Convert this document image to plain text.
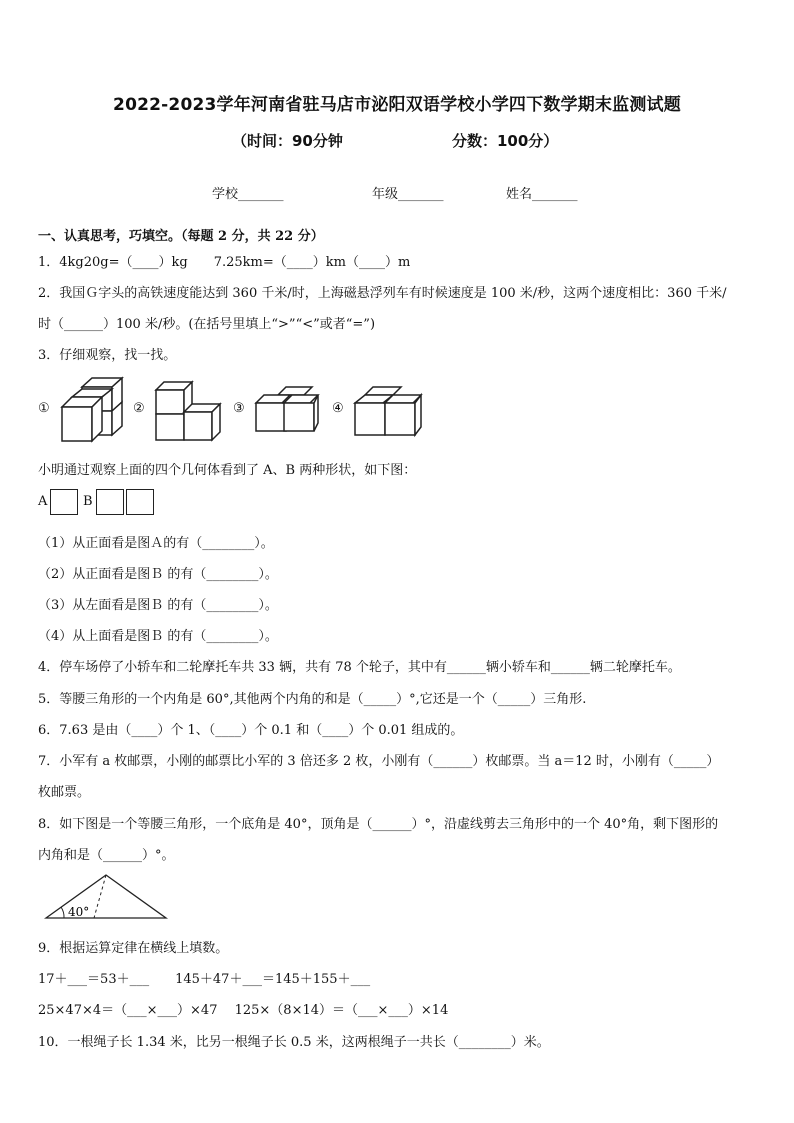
2022-2023学年河南省驻马店市泌阳双语学校小学四下数学期末监测试题
（时间：90分钟	分数：100分）
学校_______	年级_______	姓名_______
一、认真思考，巧填空。（每题 2 分，共 22 分）
1．4kg20g=（____）kg　　7.25km=（____）km（____）m
2．我国Ｇ字头的高铁速度能达到 360 千米/时，上海磁悬浮列车有时候速度是 100 米/秒，这两个速度相比：360 千米/
时（______）100 米/秒。(在括号里填上“>”“<”或者“=”)
3．仔细观察，找一找。
①	②	③	④
小明通过观察上面的四个几何体看到了 A、B 两种形状，如下图：
A	B
（1）从正面看是图Ａ的有（________）。
（2）从正面看是图Ｂ 的有（________）。
（3）从左面看是图Ｂ 的有（________）。
（4）从上面看是图Ｂ 的有（________）。
4．停车场停了小轿车和二轮摩托车共 33 辆，共有 78 个轮子，其中有______辆小轿车和______辆二轮摩托车。
5．等腰三角形的一个内角是 60°,其他两个内角的和是（_____）°,它还是一个（_____）三角形.
6．7.63 是由（____）个 1、（____）个 0.1 和（____）个 0.01 组成的。
7．小军有 a 枚邮票，小刚的邮票比小军的 3 倍还多 2 枚，小刚有（______）枚邮票。当 a＝12 时，小刚有（_____）
枚邮票。
8．如下图是一个等腰三角形，一个底角是 40°，顶角是（______）°，沿虚线剪去三角形中的一个 40°角，剩下图形的
内角和是（______）°。
40°
9．根据运算定律在横线上填数。
17＋___＝53＋___　　145＋47＋___＝145＋155＋___
25×47×4＝（___×___）×47　 125×（8×14）＝（___×___）×14
10．一根绳子长 1.34 米，比另一根绳子长 0.5 米，这两根绳子一共长（________）米。
